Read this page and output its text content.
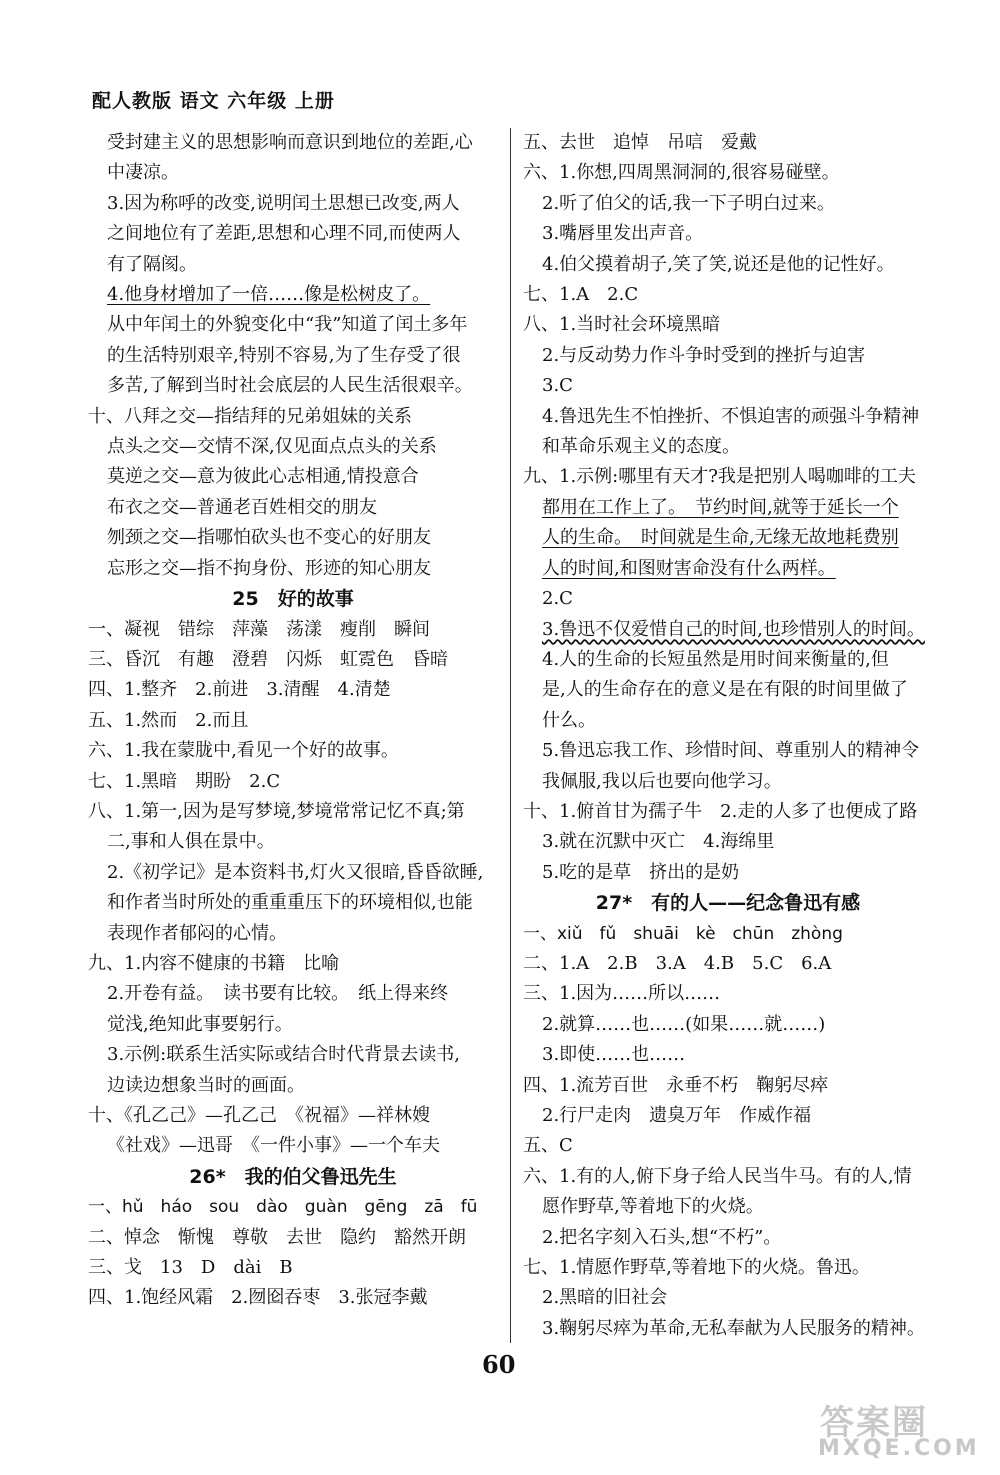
配人教版 语文 六年级 上册
受封建主义的思想影响而意识到地位的差距,心
中凄凉。
3.因为称呼的改变,说明闰土思想已改变,两人
之间地位有了差距,思想和心理不同,而使两人
有了隔阂。
4.他身材增加了一倍……像是松树皮了。
从中年闰土的外貌变化中“我”知道了闰土多年
的生活特别艰辛,特别不容易,为了生存受了很
多苦,了解到当时社会底层的人民生活很艰辛。
十、八拜之交—指结拜的兄弟姐妹的关系
点头之交—交情不深,仅见面点点头的关系
莫逆之交—意为彼此心志相通,情投意合
布衣之交—普通老百姓相交的朋友
刎颈之交—指哪怕砍头也不变心的好朋友
忘形之交—指不拘身份、形迹的知心朋友
25　好的故事
一、凝视　错综　萍藻　荡漾　瘦削　瞬间
三、昏沉　有趣　澄碧　闪烁　虹霓色　昏暗
四、1.整齐　2.前进　3.清醒　4.清楚
五、1.然而　2.而且
六、1.我在蒙胧中,看见一个好的故事。
七、1.黑暗　期盼　2.C
八、1.第一,因为是写梦境,梦境常常记忆不真;第
二,事和人俱在景中。
2.《初学记》是本资料书,灯火又很暗,昏昏欲睡,
和作者当时所处的重重重压下的环境相似,也能
表现作者郁闷的心情。
九、1.内容不健康的书籍　比喻
2.开卷有益。　读书要有比较。　纸上得来终
觉浅,绝知此事要躬行。
3.示例:联系生活实际或结合时代背景去读书,
边读边想象当时的画面。
十、《孔乙己》—孔乙己　《祝福》—祥林嫂
《社戏》—迅哥　《一件小事》—一个车夫
26*　我的伯父鲁迅先生
一、hǔ　háo　sou　dào　guàn　gēng　zā　fū
二、悼念　惭愧　尊敬　去世　隐约　豁然开朗
三、戈　13　D　dài　B
四、1.饱经风霜　2.囫囵吞枣　3.张冠李戴
五、去世　追悼　吊唁　爱戴
六、1.你想,四周黑洞洞的,很容易碰壁。
2.听了伯父的话,我一下子明白过来。
3.嘴唇里发出声音。
4.伯父摸着胡子,笑了笑,说还是他的记性好。
七、1.A　2.C
八、1.当时社会环境黑暗
2.与反动势力作斗争时受到的挫折与迫害
3.C
4.鲁迅先生不怕挫折、不惧迫害的顽强斗争精神
和革命乐观主义的态度。
九、1.示例:哪里有天才?我是把别人喝咖啡的工夫
都用在工作上了。　节约时间,就等于延长一个
人的生命。　时间就是生命,无缘无故地耗费别
人的时间,和图财害命没有什么两样。
2.C
3.鲁迅不仅爱惜自己的时间,也珍惜别人的时间。
4.人的生命的长短虽然是用时间来衡量的,但
是,人的生命存在的意义是在有限的时间里做了
什么。
5.鲁迅忘我工作、珍惜时间、尊重别人的精神令
我佩服,我以后也要向他学习。
十、1.俯首甘为孺子牛　2.走的人多了也便成了路
3.就在沉默中灭亡　4.海绵里
5.吃的是草　挤出的是奶
27*　有的人——纪念鲁迅有感
一、xiǔ　fǔ　shuāi　kè　chūn　zhòng
二、1.A　2.B　3.A　4.B　5.C　6.A
三、1.因为……所以……
2.就算……也……(如果……就……)
3.即使……也……
四、1.流芳百世　永垂不朽　鞠躬尽瘁
2.行尸走肉　遗臭万年　作威作福
五、C
六、1.有的人,俯下身子给人民当牛马。有的人,情
愿作野草,等着地下的火烧。
2.把名字刻入石头,想“不朽”。
七、1.情愿作野草,等着地下的火烧。鲁迅。
2.黑暗的旧社会
3.鞠躬尽瘁为革命,无私奉献为人民服务的精神。
60
答案圈
MXQE.COM
